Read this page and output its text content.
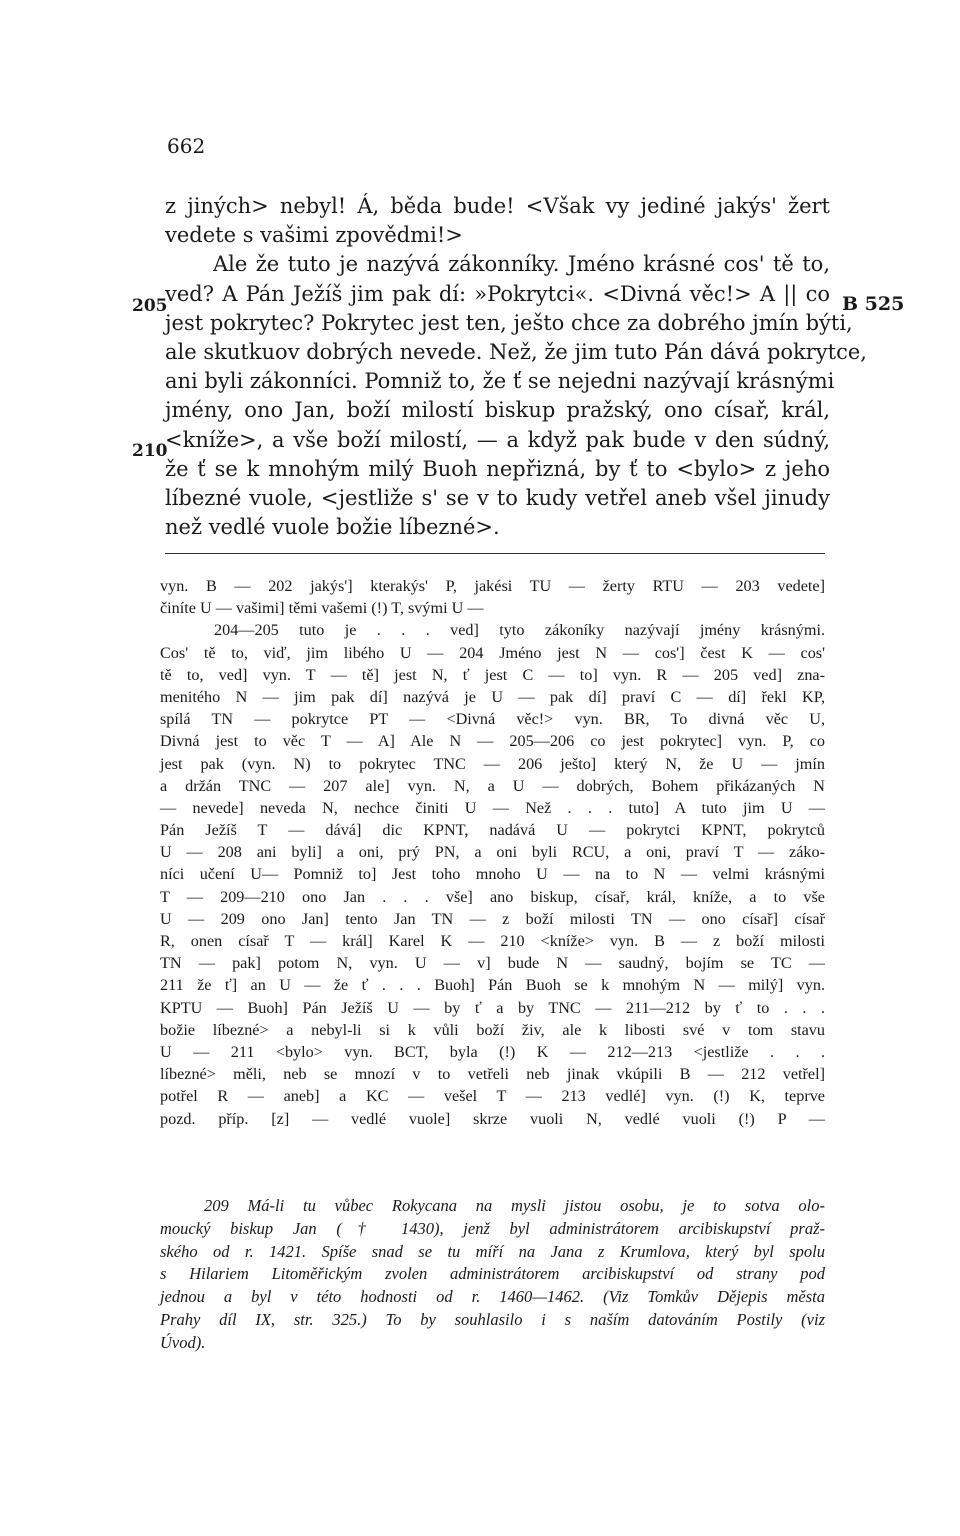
662
205
210
B 525
z jiných> nebyl! Á, běda bude! <Však vy jediné jakýs' žert
vedete s vašimi zpovědmi!>
Ale že tuto je nazývá zákonníky. Jméno krásné cos' tě to,
ved? A Pán Ježíš jim pak dí: »Pokrytci«. <Divná věc!> A || co
jest pokrytec? Pokrytec jest ten, ješto chce za dobrého jmín býti,
ale skutkuov dobrých nevede. Než, že jim tuto Pán dává pokrytce,
ani byli zákonníci. Pomniž to, že ť se nejedni nazývají krásnými
jmény, ono Jan, boží milostí biskup pražský, ono císař, král,
<kníže>, a vše boží milostí, — a když pak bude v den súdný,
že ť se k mnohým milý Buoh nepřizná, by ť to <bylo> z jeho
líbezné vuole, <jestliže s' se v to kudy vetřel aneb všel jinudy
než vedlé vuole božie líbezné>.
vyn. B — 202 jakýs'] kterakýs' P, jakési TU — žerty RTU — 203 vedete]
činíte U — vašimi] těmi vašemi (!) T, svými U —
204—205 tuto je . . . ved] tyto zákoníky nazývají jmény krásnými.
Cos' tě to, viď, jim libého U — 204 Jméno jest N — cos'] čest K — cos'
tě to, ved] vyn. T — tě] jest N, ť jest C — to] vyn. R — 205 ved] zna-
menitého N — jim pak dí] nazývá je U — pak dí] praví C — dí] řekl KP,
spílá TN — pokrytce PT — <Divná věc!> vyn. BR, To divná věc U,
Divná jest to věc T — A] Ale N — 205—206 co jest pokrytec] vyn. P, co
jest pak (vyn. N) to pokrytec TNC — 206 ješto] který N, že U — jmín
a držán TNC — 207 ale] vyn. N, a U — dobrých, Bohem přikázaných N
— nevede] neveda N, nechce činiti U — Než . . . tuto] A tuto jim U —
Pán Ježíš T — dává] dic KPNT, nadává U — pokrytci KPNT, pokrytců
U — 208 ani byli] a oni, prý PN, a oni byli RCU, a oni, praví T — záko-
níci učení U— Pomniž to] Jest toho mnoho U — na to N — velmi krásnými
T — 209—210 ono Jan . . . vše] ano biskup, císař, král, kníže, a to vše
U — 209 ono Jan] tento Jan TN — z boží milosti TN — ono císař] císař
R, onen císař T — král] Karel K — 210 <kníže> vyn. B — z boží milosti
TN — pak] potom N, vyn. U — v] bude N — saudný, bojím se TC —
211 že ť] an U — že ť . . . Buoh] Pán Buoh se k mnohým N — milý] vyn.
KPTU — Buoh] Pán Ježíš U — by ť a by TNC — 211—212 by ť to . . .
božie líbezné> a nebyl-li si k vůli boží živ, ale k libosti své v tom stavu
U — 211 <bylo> vyn. BCT, byla (!) K — 212—213 <jestliže . . .
líbezné> měli, neb se mnozí v to vetřeli neb jinak vkúpili B — 212 vetřel]
potřel R — aneb] a KC — vešel T — 213 vedlé] vyn. (!) K, teprve
pozd. příp. [z] — vedlé vuole] skrze vuoli N, vedlé vuoli (!) P —
209 Má-li tu vůbec Rokycana na mysli jistou osobu, je to sotva olo-
moucký biskup Jan († 1430), jenž byl administrátorem arcibiskupství praž-
ského od r. 1421. Spíše snad se tu míří na Jana z Krumlova, který byl spolu
s Hilariem Litoměřickým zvolen administrátorem arcibiskupství od strany pod
jednou a byl v této hodnosti od r. 1460—1462. (Viz Tomkův Dějepis města
Prahy díl IX, str. 325.) To by souhlasilo i s naším datováním Postily (viz
Úvod).
